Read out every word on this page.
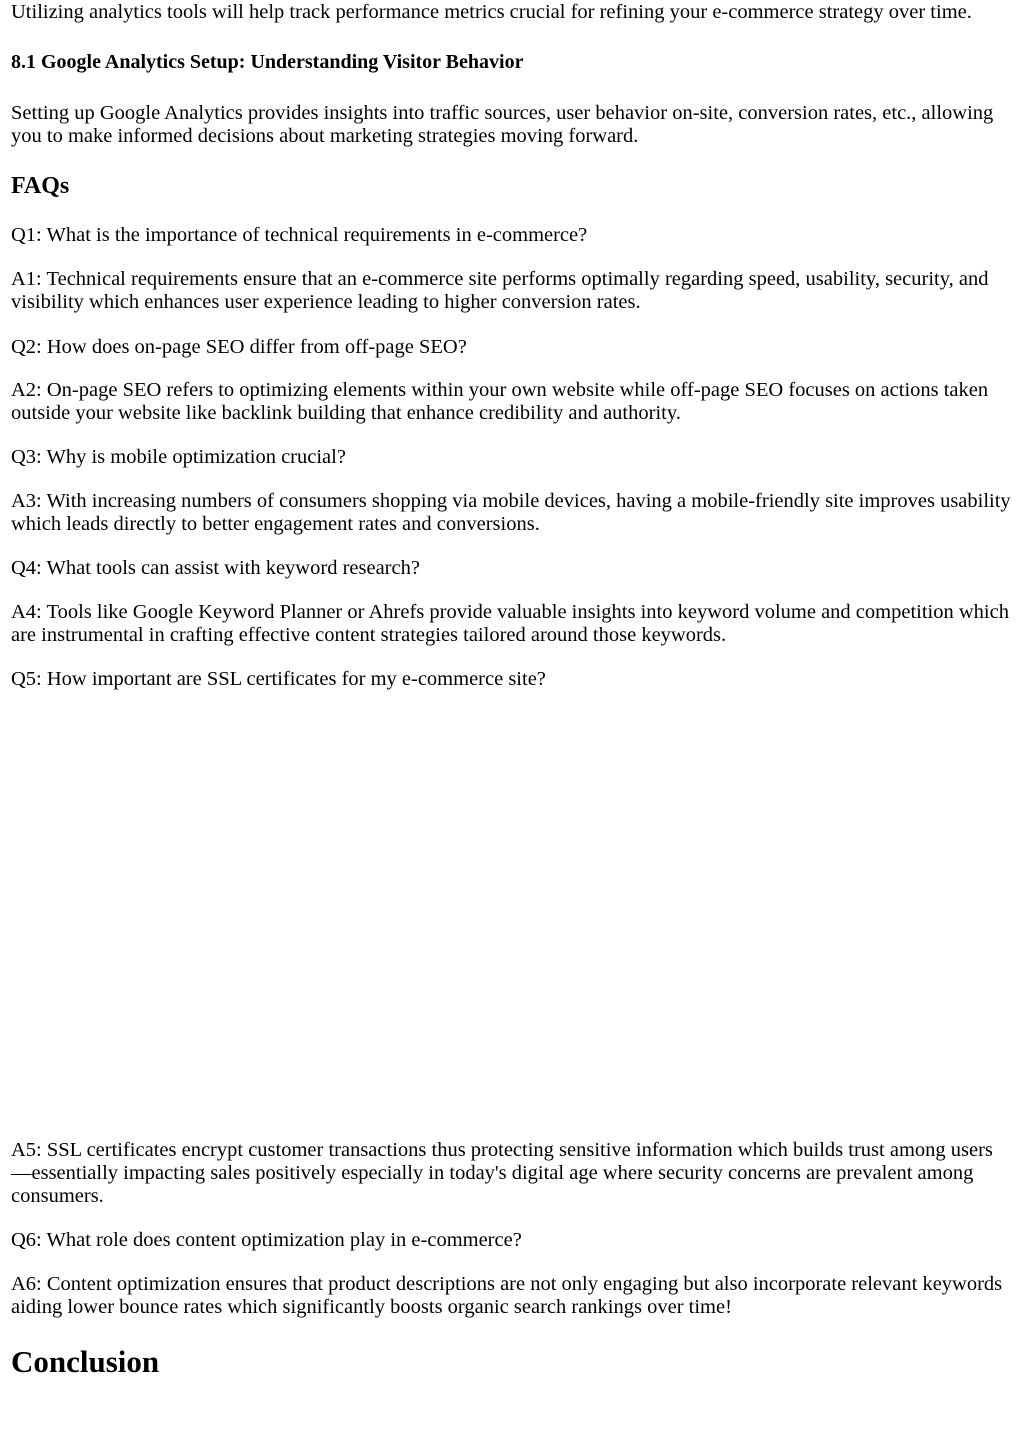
Utilizing analytics tools will help track performance metrics crucial for refining your e-commerce strategy over time.

8.1 Google Analytics Setup: Understanding Visitor Behavior

Setting up Google Analytics provides insights into traffic sources, user behavior on-site, conversion rates, etc., allowing you to make informed decisions about marketing strategies moving forward.

FAQs

Q1: What is the importance of technical requirements in e-commerce?

A1: Technical requirements ensure that an e-commerce site performs optimally regarding speed, usability, security, and visibility which enhances user experience leading to higher conversion rates.

Q2: How does on-page SEO differ from off-page SEO?

A2: On-page SEO refers to optimizing elements within your own website while off-page SEO focuses on actions taken outside your website like backlink building that enhance credibility and authority.

Q3: Why is mobile optimization crucial?

A3: With increasing numbers of consumers shopping via mobile devices, having a mobile-friendly site improves usability which leads directly to better engagement rates and conversions.

Q4: What tools can assist with keyword research?

A4: Tools like Google Keyword Planner or Ahrefs provide valuable insights into keyword volume and competition which are instrumental in crafting effective content strategies tailored around those keywords.

Q5: How important are SSL certificates for my e-commerce site?

A5: SSL certificates encrypt customer transactions thus protecting sensitive information which builds trust among users —essentially impacting sales positively especially in today's digital age where security concerns are prevalent among consumers.

Q6: What role does content optimization play in e-commerce?

A6: Content optimization ensures that product descriptions are not only engaging but also incorporate relevant keywords aiding lower bounce rates which significantly boosts organic search rankings over time!

Conclusion
